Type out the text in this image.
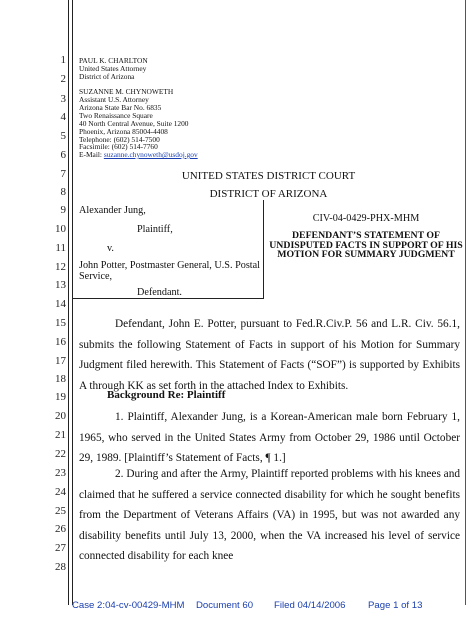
1
2
3
4
5
6
7
8
9
10
11
12
13
14
15
16
17
18
19
20
21
22
23
24
25
26
27
28
PAUL K. CHARLTON
United States Attorney
District of Arizona
SUZANNE M. CHYNOWETH
Assistant U.S. Attorney
Arizona State Bar No. 6835
Two Renaissance Square
40 North Central Avenue, Suite 1200
Phoenix, Arizona 85004-4408
Telephone: (602) 514-7500
Facsimile: (602) 514-7760
E-Mail: suzanne.chynoweth@usdoj.gov
UNITED STATES DISTRICT COURT
DISTRICT OF ARIZONA
Alexander Jung,
Plaintiff,
v.
John Potter, Postmaster General, U.S. Postal Service,
Defendant.
CIV-04-0429-PHX-MHM
DEFENDANT’S STATEMENT OF UNDISPUTED FACTS IN SUPPORT OF HIS MOTION FOR SUMMARY JUDGMENT
Defendant, John E. Potter, pursuant to Fed.R.Civ.P. 56 and L.R. Civ. 56.1, submits the following Statement of Facts in support of his Motion for Summary Judgment filed herewith. This Statement of Facts (“SOF”) is supported by Exhibits A through KK as set forth in the attached Index to Exhibits.
Background Re: Plaintiff
1. Plaintiff, Alexander Jung, is a Korean-American male born February 1, 1965, who served in the United States Army from October 29, 1986 until October 29, 1989. [Plaintiff’s Statement of Facts, ¶ 1.]
2. During and after the Army, Plaintiff reported problems with his knees and claimed that he suffered a service connected disability for which he sought benefits from the Department of Veterans Affairs (VA) in 1995, but was not awarded any disability benefits until July 13, 2000, when the VA increased his level of service connected disability for each knee
Case 2:04-cv-00429-MHM Document 60 Filed 04/14/2006 Page 1 of 13
